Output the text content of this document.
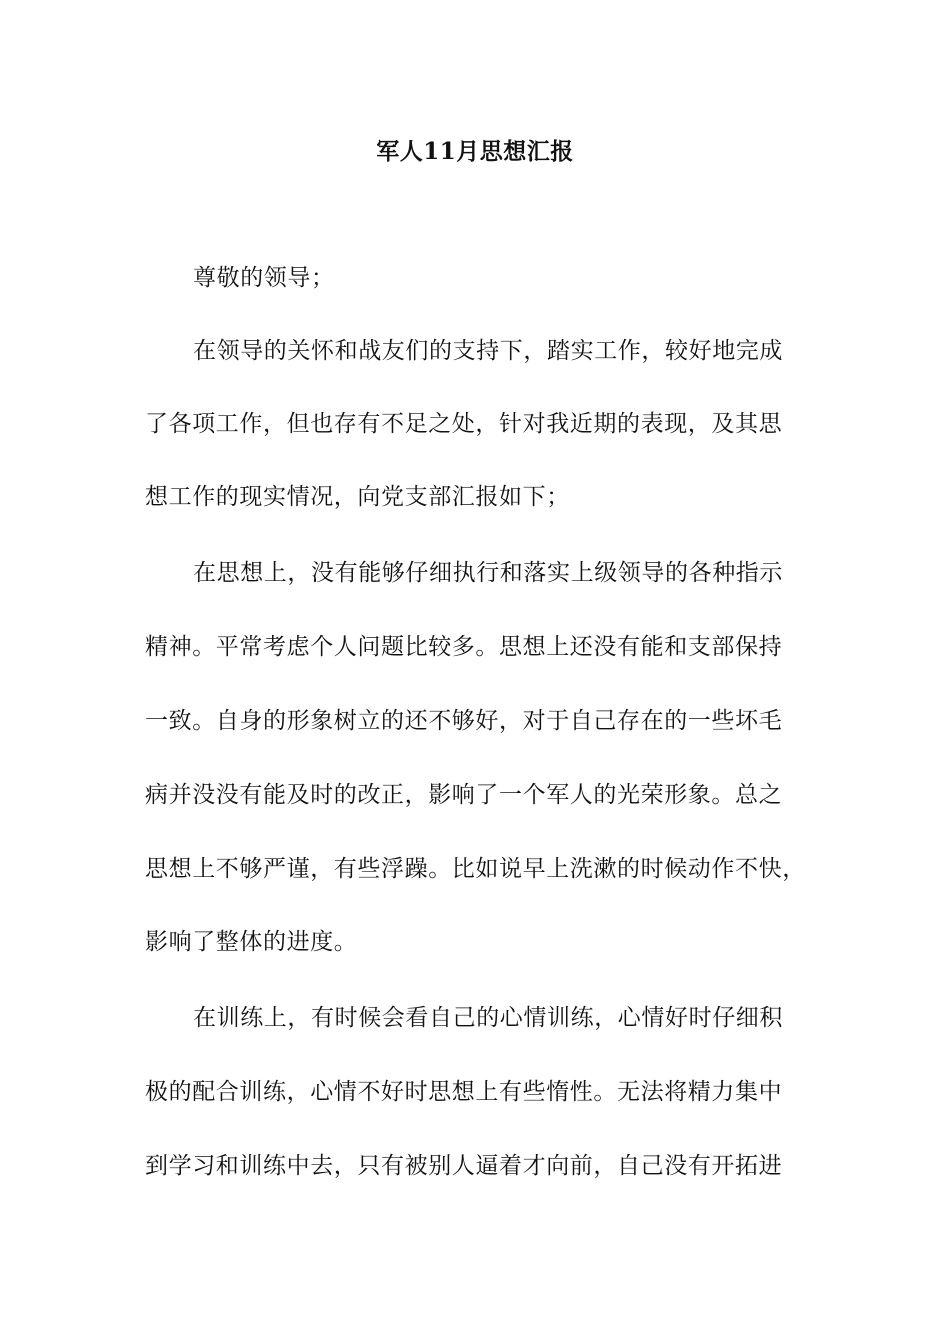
军人11月思想汇报
尊敬的领导；
在领导的关怀和战友们的支持下，踏实工作，较好地完成
了各项工作，但也存有不足之处，针对我近期的表现，及其思
想工作的现实情况，向党支部汇报如下；
在思想上，没有能够仔细执行和落实上级领导的各种指示
精神。平常考虑个人问题比较多。思想上还没有能和支部保持
一致。自身的形象树立的还不够好，对于自己存在的一些坏毛
病并没没有能及时的改正，影响了一个军人的光荣形象。总之
思想上不够严谨，有些浮躁。比如说早上洗漱的时候动作不快，
影响了整体的进度。
在训练上，有时候会看自己的心情训练，心情好时仔细积
极的配合训练，心情不好时思想上有些惰性。无法将精力集中
到学习和训练中去，只有被别人逼着才向前，自己没有开拓进
